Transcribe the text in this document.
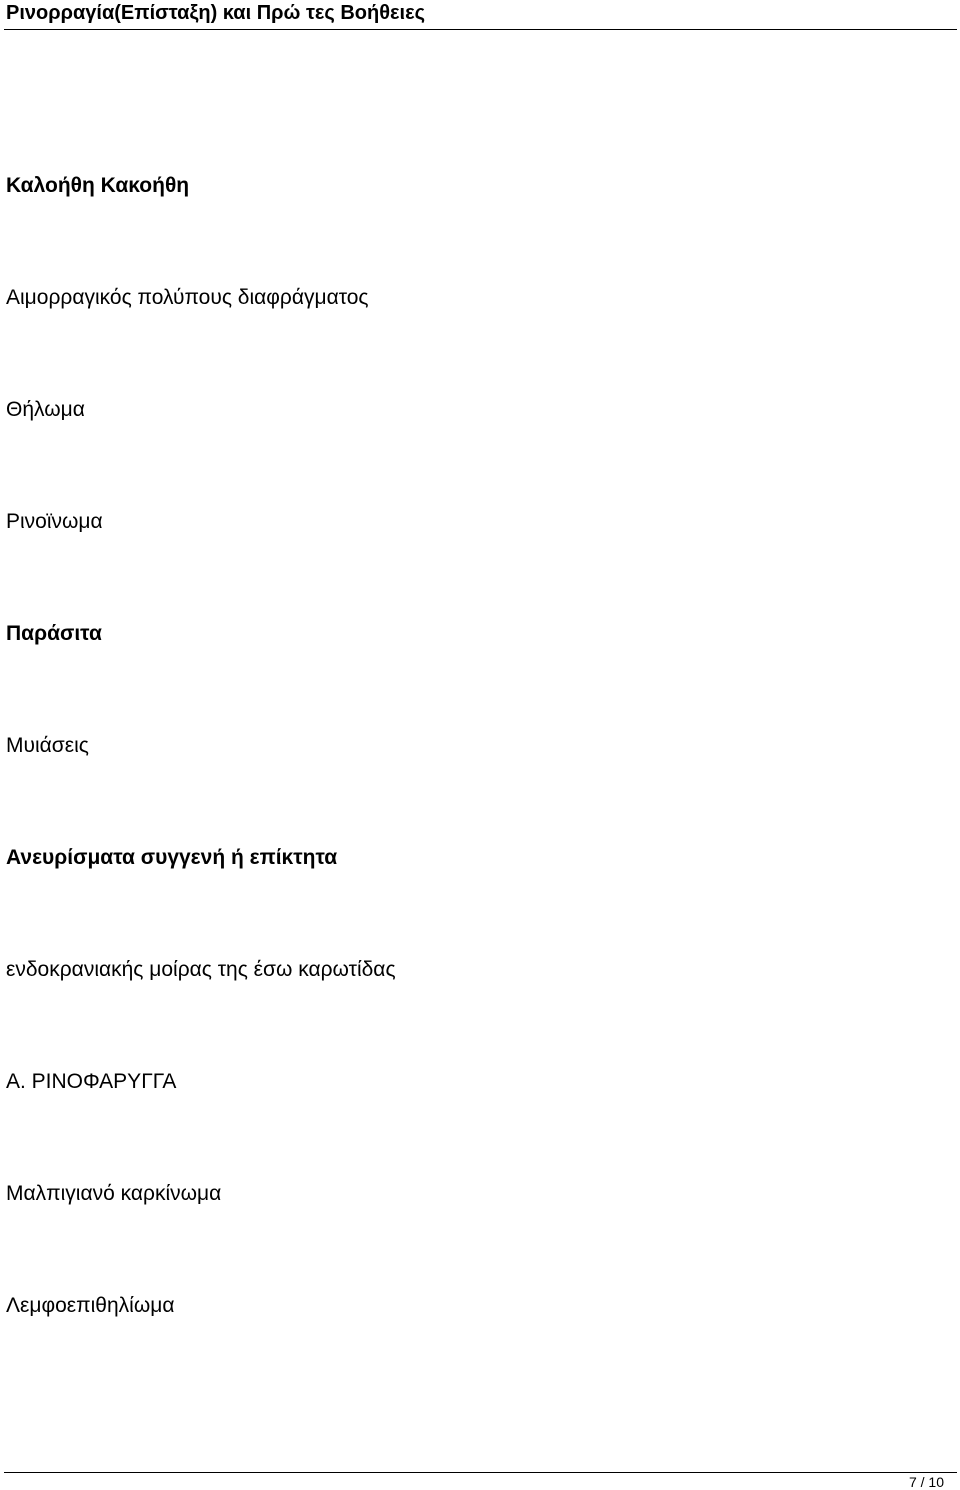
Ρινορραγία(Επίσταξη) και Πρώ τες Βοήθειες
Καλοήθη Κακοήθη
Αιμορραγικός πολύπους διαφράγματος
Θήλωμα
Ρινοϊνωμα
Παράσιτα
Μυιάσεις
Ανευρίσματα συγγενή ή επίκτητα
ενδοκρανιακής μοίρας της έσω καρωτίδας
Α. ΡΙΝΟΦΑΡΥΓΓΑ
Μαλπιγιανό καρκίνωμα
Λεμφοεπιθηλίωμα
7 / 10
